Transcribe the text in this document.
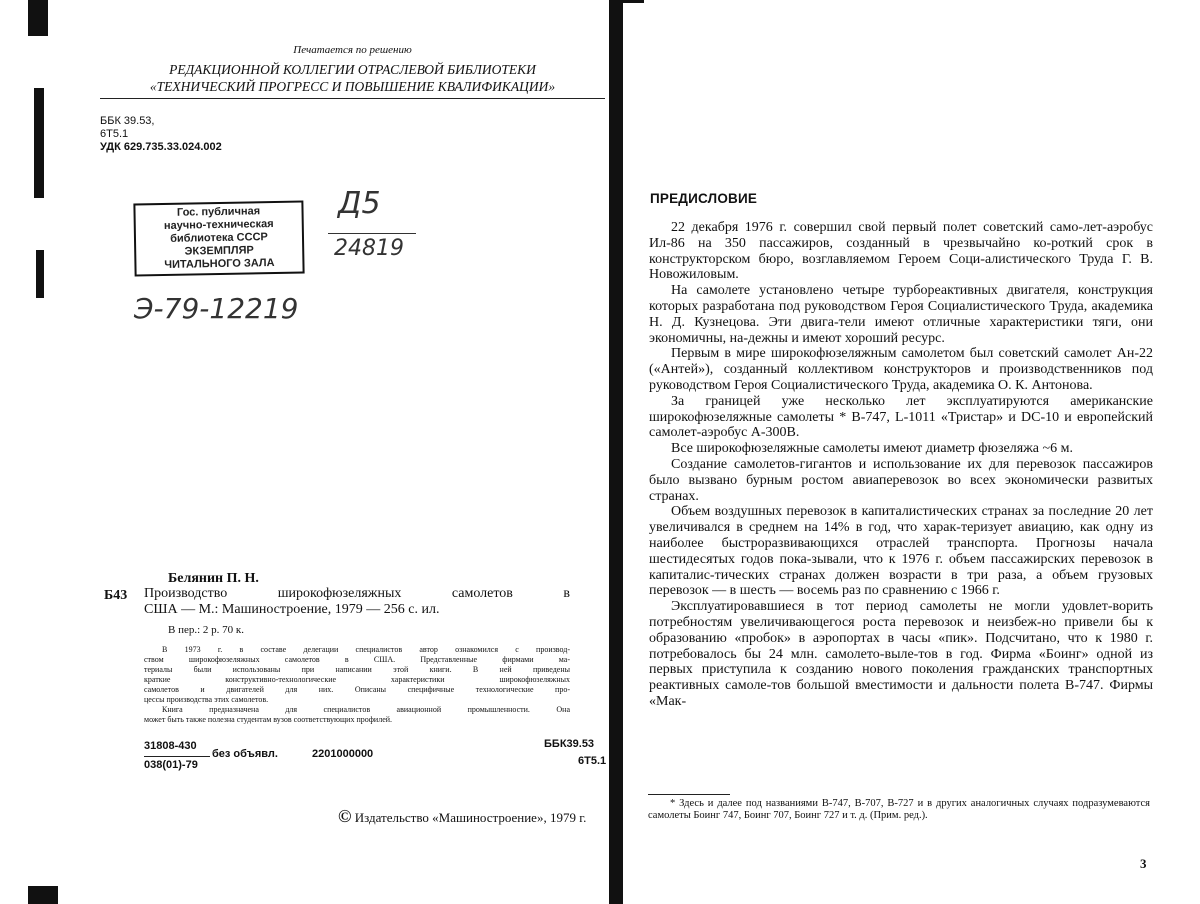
Печатается по решению
РЕДАКЦИОННОЙ КОЛЛЕГИИ ОТРАСЛЕВОЙ БИБЛИОТЕКИ
«ТЕХНИЧЕСКИЙ ПРОГРЕСС И ПОВЫШЕНИЕ КВАЛИФИКАЦИИ»
ББК 39.53,
6Т5.1
УДК 629.735.33.024.002
Гос. публичная
научно-техническая
библиотека СССР
ЭКЗЕМПЛЯР
ЧИТАЛЬНОГО ЗАЛА
Д5
24819
Э-79-12219
Белянин П. Н.
Б43 Производство широкофюзеляжных самолетов в
США — М.: Машиностроение, 1979 — 256 с. ил.
В пер.: 2 р. 70 к.
В 1973 г. в составе делегации специалистов автор ознакомился с производ-
ством широкофюзеляжных самолетов в США. Представленные фирмами ма-
териалы были использованы при написании этой книги. В ней приведены
краткие конструктивно-технологические характеристики широкофюзеляжных
самолетов и двигателей для них. Описаны специфичные технологические про-
цессы производства этих самолетов.
Книга предназначена для специалистов авиационной промышленности. Она
может быть также полезна студентам вузов соответствующих профилей.
31808-430
038(01)-79
без объявл.	2201000000
ББК39.53
6Т5.1
© Издательство «Машиностроение», 1979 г.
ПРЕДИСЛОВИЕ

22 декабря 1976 г. совершил свой первый полет советский само-лет-аэробус Ил-86 на 350 пассажиров, созданный в чрезвычайно ко-роткий срок в конструкторском бюро, возглавляемом Героем Соци-алистического Труда Г. В. Новожиловым.

На самолете установлено четыре турбореактивных двигателя, конструкция которых разработана под руководством Героя Социалистического Труда, академика Н. Д. Кузнецова. Эти двига-тели имеют отличные характеристики тяги, они экономичны, на-дежны и имеют хороший ресурс.

Первым в мире широкофюзеляжным самолетом был советский самолет Ан-22 («Антей»), созданный коллективом конструкторов и производственников под руководством Героя Социалистического Труда, академика О. К. Антонова.

За границей уже несколько лет эксплуатируются американские широкофюзеляжные самолеты * B-747, L-1011 «Тристар» и DC-10 и европейский самолет-аэробус А-300В.

Все широкофюзеляжные самолеты имеют диаметр фюзеляжа ~6 м.

Создание самолетов-гигантов и использование их для перевозок пассажиров было вызвано бурным ростом авиаперевозок во всех экономически развитых странах.

Объем воздушных перевозок в капиталистических странах за последние 20 лет увеличивался в среднем на 14% в год, что харак-теризует авиацию, как одну из наиболее быстроразвивающихся отраслей транспорта. Прогнозы начала шестидесятых годов пока-зывали, что к 1976 г. объем пассажирских перевозок в капиталис-тических странах должен возрасти в три раза, а объем грузовых перевозок — в шесть — восемь раз по сравнению с 1966 г.

Эксплуатировавшиеся в тот период самолеты не могли удовлет-ворить потребностям увеличивающегося роста перевозок и неизбеж-но привели бы к образованию «пробок» в аэропортах в часы «пик». Подсчитано, что к 1980 г. потребовалось бы 24 млн. самолето-выле-тов в год. Фирма «Боинг» одной из первых приступила к созданию нового поколения гражданских транспортных реактивных самоле-тов большой вместимости и дальности полета B-747. Фирмы «Мак-

* Здесь и далее под названиями B-747, B-707, B-727 и в других аналогичных случаях подразумеваются самолеты Боинг 747, Боинг 707, Боинг 727 и т. д. (Прим. ред.).

3
